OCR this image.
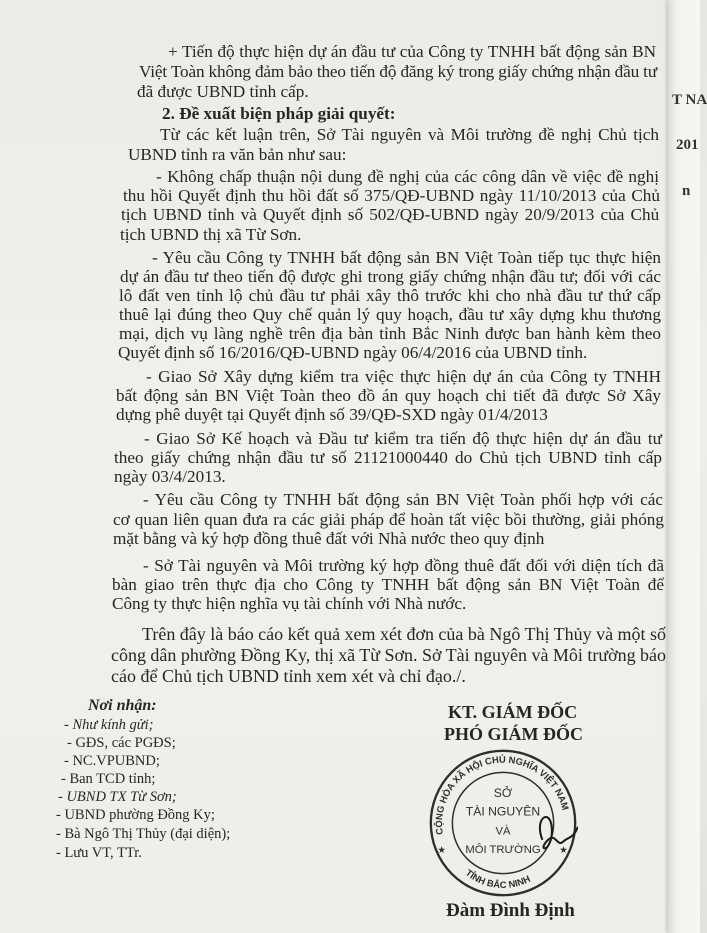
+ Tiến độ thực hiện dự án đầu tư của Công ty TNHH bất động sản BN
Việt Toàn không đảm bảo theo tiến độ đăng ký trong giấy chứng nhận đầu tư
đã được UBND tỉnh cấp.
2. Đề xuất biện pháp giải quyết:
Từ các kết luận trên, Sở Tài nguyên và Môi trường đề nghị Chủ tịch
UBND tỉnh ra văn bản như sau:
- Không chấp thuận nội dung đề nghị của các công dân về việc đề nghị
thu hồi Quyết định thu hồi đất số 375/QĐ-UBND ngày 11/10/2013 của Chủ
tịch UBND tỉnh và Quyết định số 502/QĐ-UBND ngày 20/9/2013 của Chủ
tịch UBND thị xã Từ Sơn.
- Yêu cầu Công ty TNHH bất động sản BN Việt Toàn tiếp tục thực hiện
dự án đầu tư theo tiến độ được ghi trong giấy chứng nhận đầu tư; đối với các
lô đất ven tỉnh lộ chủ đầu tư phải xây thô trước khi cho nhà đầu tư thứ cấp
thuê lại đúng theo Quy chế quản lý quy hoạch, đầu tư xây dựng khu thương
mại, dịch vụ làng nghề trên địa bàn tỉnh Bắc Ninh được ban hành kèm theo
Quyết định số 16/2016/QĐ-UBND ngày 06/4/2016 của UBND tỉnh.
- Giao Sở Xây dựng kiểm tra việc thực hiện dự án của Công ty TNHH
bất động sản BN Việt Toàn theo đồ án quy hoạch chi tiết đã được Sở Xây
dựng phê duyệt tại Quyết định số 39/QĐ-SXD ngày 01/4/2013
- Giao Sở Kế hoạch và Đầu tư kiểm tra tiến độ thực hiện dự án đầu tư
theo giấy chứng nhận đầu tư số 21121000440 do Chủ tịch UBND tỉnh cấp
ngày 03/4/2013.
- Yêu cầu Công ty TNHH bất động sản BN Việt Toàn phối hợp với các
cơ quan liên quan đưa ra các giải pháp để hoàn tất việc bồi thường, giải phóng
mặt bằng và ký hợp đồng thuê đất với Nhà nước theo quy định
- Sở Tài nguyên và Môi trường ký hợp đồng thuê đất đối với diện tích đã
bàn giao trên thực địa cho Công ty TNHH bất động sản BN Việt Toàn để
Công ty thực hiện nghĩa vụ tài chính với Nhà nước.
Trên đây là báo cáo kết quả xem xét đơn của bà Ngô Thị Thủy và một số
công dân phường Đồng Ky, thị xã Từ Sơn. Sở Tài nguyên và Môi trường báo
cáo để Chủ tịch UBND tỉnh xem xét và chỉ đạo./.
Nơi nhận:
- Như kính gửi;
- GĐS, các PGĐS;
- NC.VPUBND;
- Ban TCD tỉnh;
- UBND TX Từ Sơn;
- UBND phường Đồng Ky;
- Bà Ngô Thị Thủy (đại diện);
- Lưu VT, TTr.
KT. GIÁM ĐỐC
PHÓ GIÁM ĐỐC
CỘNG HÒA XÃ HỘI CHỦ NGHĨA VIỆT NAM
TỈNH BẮC NINH
★	★
SỞ
TÀI NGUYÊN
VÀ
MÔI TRƯỜNG
Đàm Đình Định
T NA
201
n
